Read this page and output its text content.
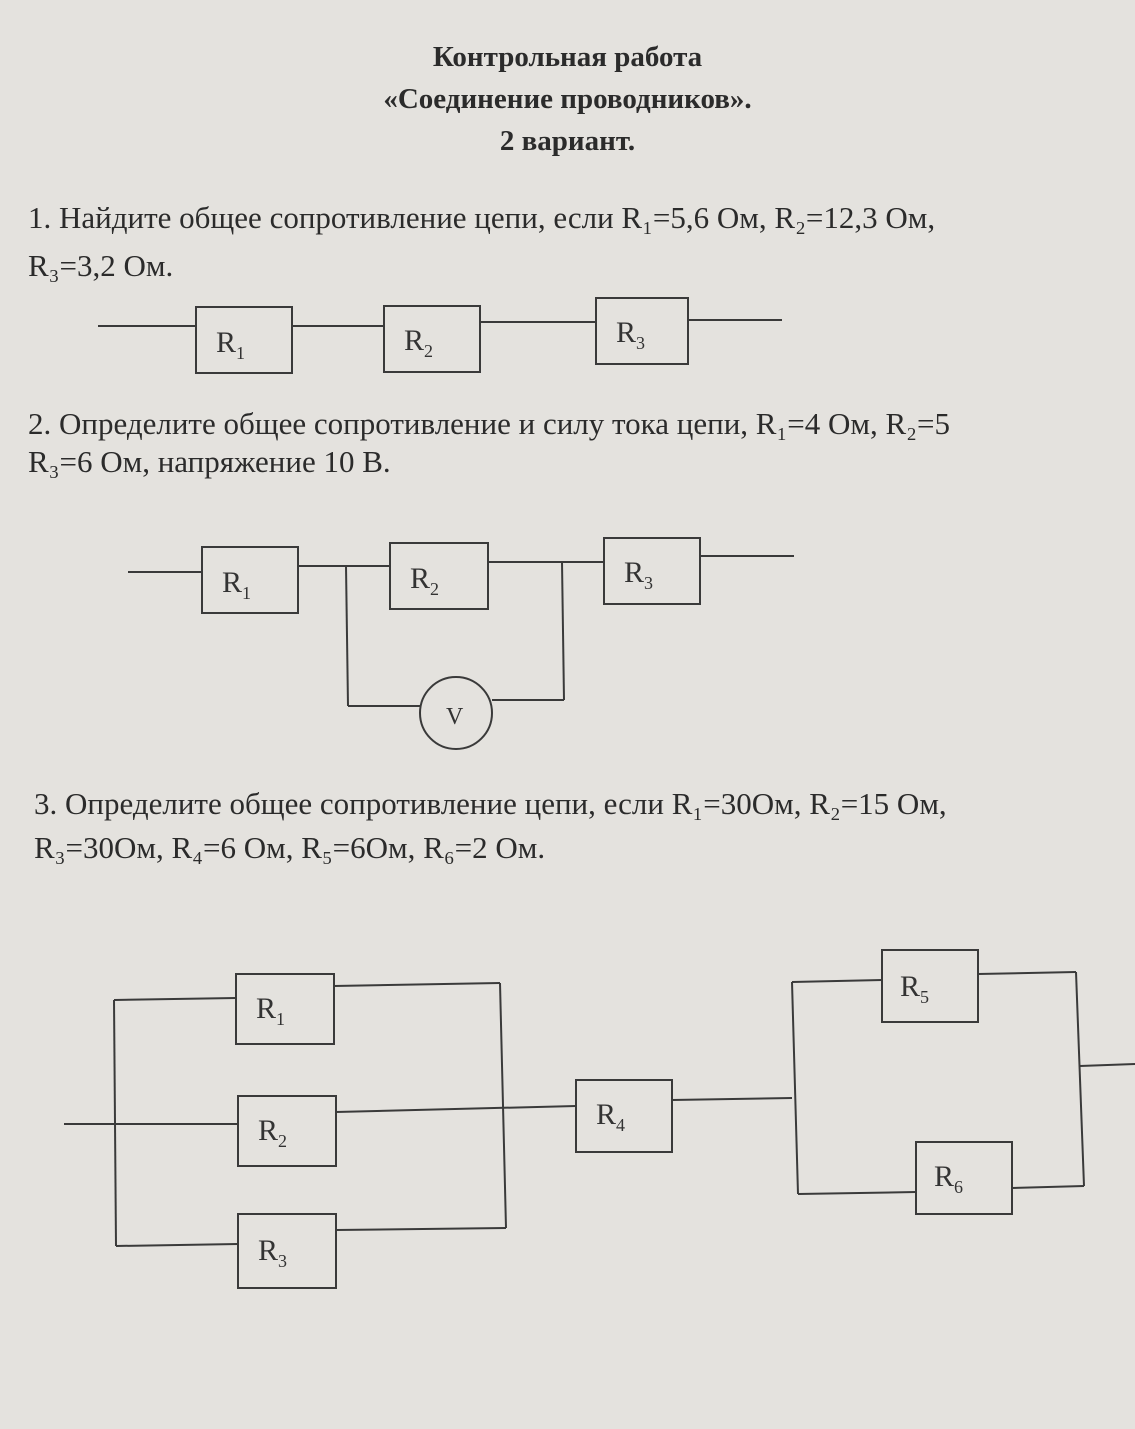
Контрольная работа
«Соединение проводников».
2 вариант.
1. Найдите общее сопротивление цепи, если R₁=5,6 Ом, R₂=12,3 Ом,
R₃=3,2 Ом.
2. Определите общее сопротивление и силу тока цепи, R₁=4 Ом, R₂=5
R₃=6 Ом, напряжение 10 В.
3. Определите общее сопротивление цепи, если R₁=30Ом, R₂=15 Ом,
R₃=30Ом, R₄=6 Ом, R₅=6Ом, R₆=2 Ом.
$R_1$	$R_2$
$R_3$
$R_1$	$R_2$	$R_3$
V
$R_1$
$R_2$
$R_3$
$R_4$
$R_5$
$R_6$
